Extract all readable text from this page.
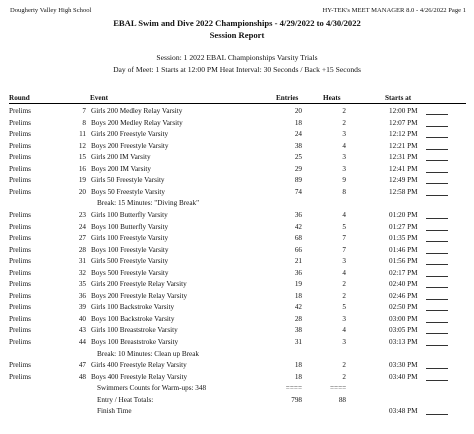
Dougherty Valley High School	HY-TEK's MEET MANAGER 8.0 - 4/26/2022 Page 1
EBAL Swim and Dive 2022 Championships - 4/29/2022 to 4/30/2022
Session Report
Session: 1 2022 EBAL Championships Varsity Trials
Day of Meet: 1 Starts at 12:00 PM Heat Interval: 30 Seconds / Back +15 Seconds
Round	Event	Entries	Heats	Starts at
Prelims	7 Girls 200 Medley Relay Varsity	20	2	12:00 PM
Prelims	8 Boys 200 Medley Relay Varsity	18	2	12:07 PM
Prelims	11 Girls 200 Freestyle Varsity	24	3	12:12 PM
Prelims	12 Boys 200 Freestyle Varsity	38	4	12:21 PM
Prelims	15 Girls 200 IM Varsity	25	3	12:31 PM
Prelims	16 Boys 200 IM Varsity	29	3	12:41 PM
Prelims	19 Girls 50 Freestyle Varsity	89	9	12:49 PM
Prelims	20 Boys 50 Freestyle Varsity	74	8	12:58 PM
Break: 15 Minutes: "Diving Break"
Prelims	23 Girls 100 Butterfly Varsity	36	4	01:20 PM
Prelims	24 Boys 100 Butterfly Varsity	42	5	01:27 PM
Prelims	27 Girls 100 Freestyle Varsity	68	7	01:35 PM
Prelims	28 Boys 100 Freestyle Varsity	66	7	01:46 PM
Prelims	31 Girls 500 Freestyle Varsity	21	3	01:56 PM
Prelims	32 Boys 500 Freestyle Varsity	36	4	02:17 PM
Prelims	35 Girls 200 Freestyle Relay Varsity	19	2	02:40 PM
Prelims	36 Boys 200 Freestyle Relay Varsity	18	2	02:46 PM
Prelims	39 Girls 100 Backstroke Varsity	42	5	02:50 PM
Prelims	40 Boys 100 Backstroke Varsity	28	3	03:00 PM
Prelims	43 Girls 100 Breaststroke Varsity	38	4	03:05 PM
Prelims	44 Boys 100 Breaststroke Varsity	31	3	03:13 PM
Break: 10 Minutes: Clean up Break
Prelims	47 Girls 400 Freestyle Relay Varsity	18	2	03:30 PM
Prelims	48 Boys 400 Freestyle Relay Varsity	18	2	03:40 PM
Swimmers Counts for Warm-ups: 348	====	====
Entry / Heat Totals:	798	88
Finish Time	03:48 PM
